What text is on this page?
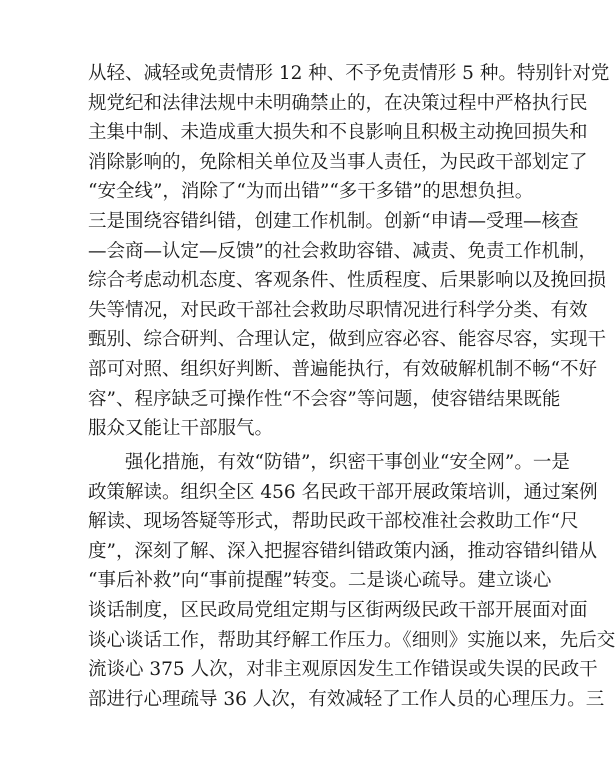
从轻、减轻或免责情形 12 种、不予免责情形 5 种。特别针对党
规党纪和法律法规中未明确禁止的，在决策过程中严格执行民
主集中制、未造成重大损失和不良影响且积极主动挽回损失和
消除影响的，免除相关单位及当事人责任，为民政干部划定了
“安全线”，消除了“为而出错”“多干多错”的思想负担。
三是围绕容错纠错，创建工作机制。创新“申请—受理—核查
—会商—认定—反馈”的社会救助容错、减责、免责工作机制，
综合考虑动机态度、客观条件、性质程度、后果影响以及挽回损
失等情况，对民政干部社会救助尽职情况进行科学分类、有效
甄别、综合研判、合理认定，做到应容必容、能容尽容，实现干
部可对照、组织好判断、普遍能执行，有效破解机制不畅“不好
容”、程序缺乏可操作性“不会容”等问题，使容错结果既能
服众又能让干部服气。
强化措施，有效“防错”，织密干事创业“安全网”。一是
政策解读。组织全区 456 名民政干部开展政策培训，通过案例
解读、现场答疑等形式，帮助民政干部校准社会救助工作“尺
度”，深刻了解、深入把握容错纠错政策内涵，推动容错纠错从
“事后补救”向“事前提醒”转变。二是谈心疏导。建立谈心
谈话制度，区民政局党组定期与区街两级民政干部开展面对面
谈心谈话工作，帮助其纾解工作压力。《细则》实施以来，先后交
流谈心 375 人次，对非主观原因发生工作错误或失误的民政干
部进行心理疏导 36 人次，有效减轻了工作人员的心理压力。三
